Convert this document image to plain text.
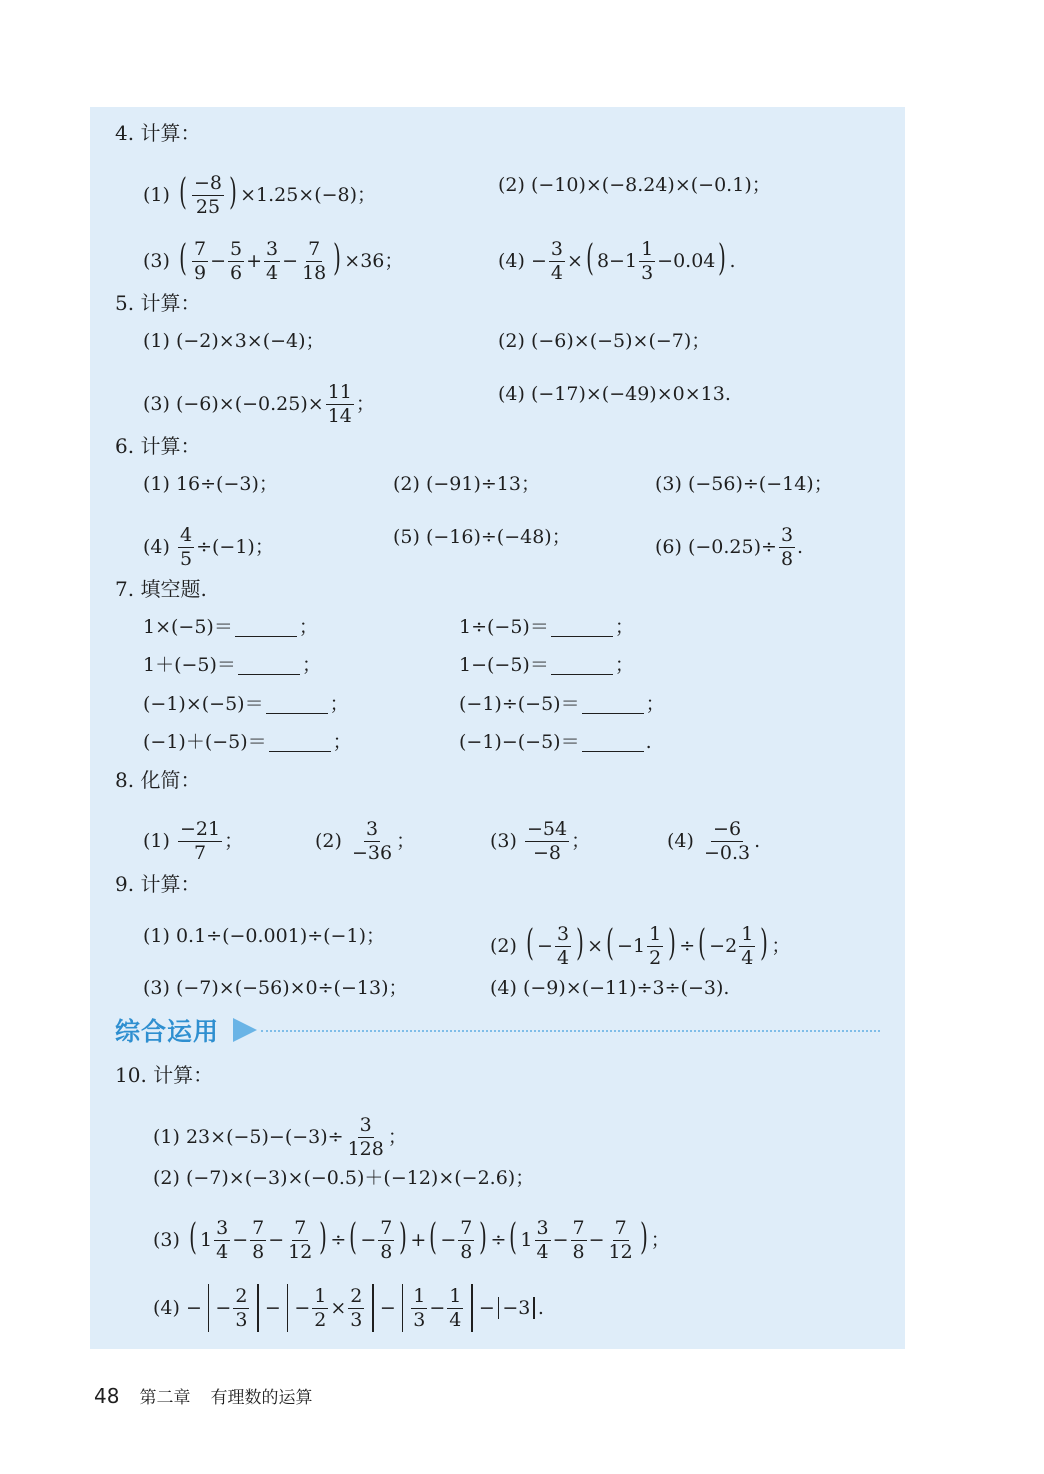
4. 计算：
(1)
( $\frac{-8}{25}$ ) ×1.25×(−8)；	(2) (−10)×(−8.24)×(−0.1)；
(3)
( $\frac{7}{9} - \frac{5}{6} + \frac{3}{4} - \frac{7}{18}$ ) ×36；	(4)
− $\frac{3}{4}$ × ( $8-1 \frac{1}{3} -0.04$ ) .
5. 计算：
(1) (−2)×3×(−4)；	(2) (−6)×(−5)×(−7)；
(3)
$(-6)\times(-0.25)\times \frac{11}{14}$ ；	(4) (−17)×(−49)×0×13.
6. 计算：
(1) 16÷(−3)；	(2) (−91)÷13；	(3) (−56)÷(−14)；
(4)
$\frac{4}{5} \div(-1)$；	(5) (−16)÷(−48)；	(6)
$(-0.25)\div \frac{3}{8}$ .
7. 填空题.
1×(−5)＝	；	1÷(−5)＝	；
1＋(−5)＝	；	1−(−5)＝	；
(−1)×(−5)＝	；	(−1)÷(−5)＝	；
(−1)＋(−5)＝	；	(−1)−(−5)＝	.
8. 化简：
(1)
$\frac{-21}{7}$ ；	(2)
$\frac{3}{-36}$ ；	(3)
$\frac{-54}{-8}$ ；	(4)
$\frac{-6}{-0.3}$ .
9. 计算：
(1) 0.1÷(−0.001)÷(−1)；	(2)
( − $\frac{3}{4}$ ) × ( $-1 \frac{1}{2}$ ) ÷ ( $-2 \frac{1}{4}$ ) ；
(3) (−7)×(−56)×0÷(−13)；	(4) (−9)×(−11)÷3÷(−3).
综合运用
10. 计算：
(1)
$23\times(-5)-(-3)\div \frac{3}{128}$ ；
(2) (−7)×(−3)×(−0.5)＋(−12)×(−2.6)；
(3)
( $1 \frac{3}{4} - \frac{7}{8} - \frac{7}{12}$ ) ÷ ( − $\frac{7}{8}$ ) + ( − $\frac{7}{8}$ ) ÷ ( $1 \frac{3}{4} - \frac{7}{8} - \frac{7}{12}$ ) ；
(4)
− − $\frac{2}{3}$ − − $\frac{1}{2} \times \frac{2}{3} - \frac{1}{3} - \frac{1}{4} - -3$ .
48 第二章 有理数的运算
